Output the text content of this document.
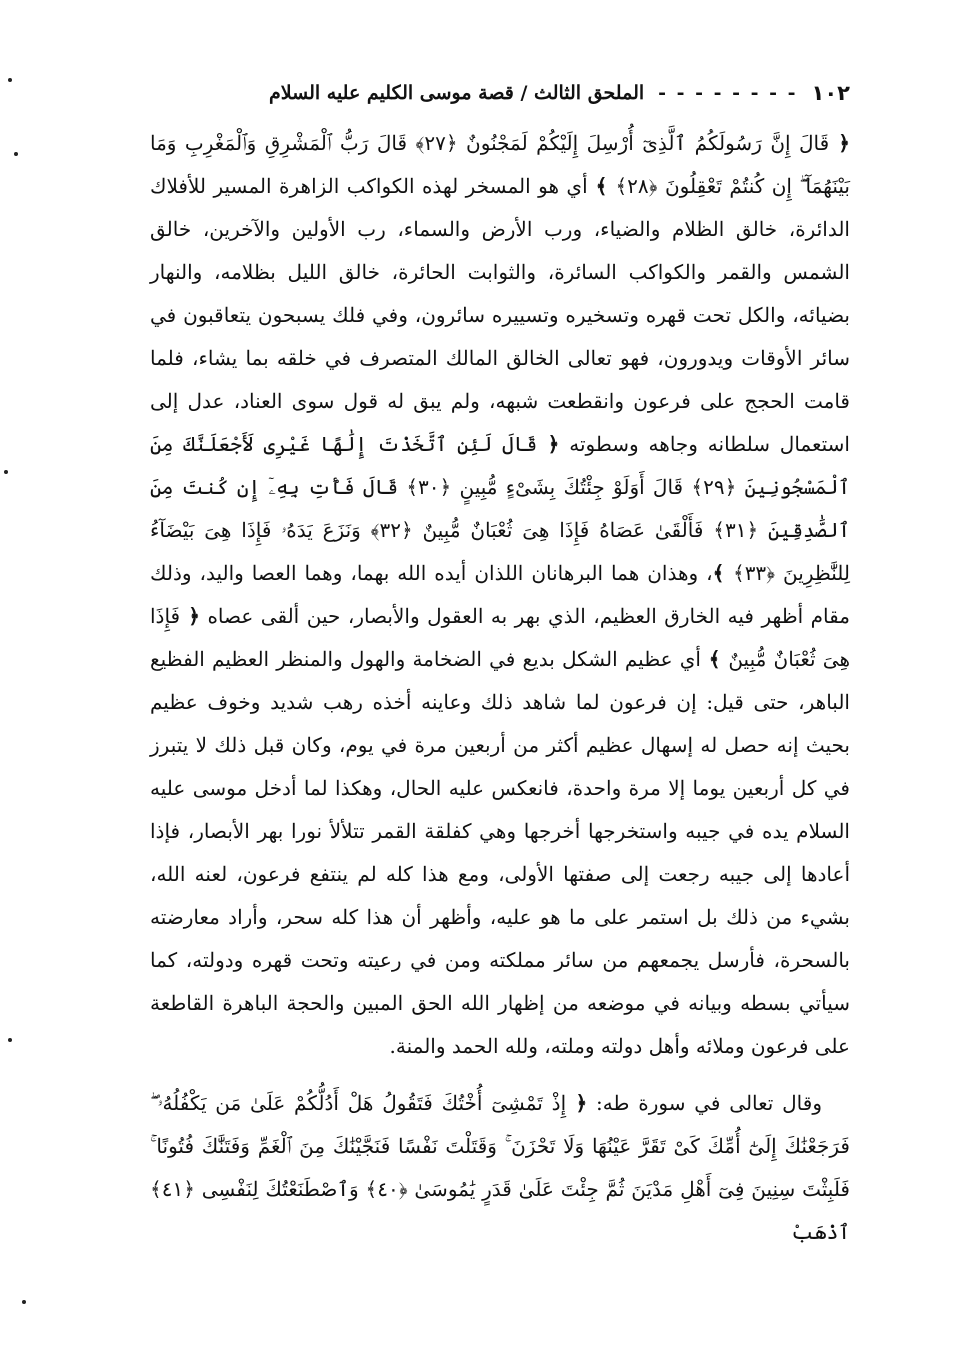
١٠٢
- - - - - - - -
الملحق الثالث / قصة موسى الكليم عليه السلام

﴿ قَالَ إِنَّ رَسُولَكُمُ ٱلَّذِىٓ أُرْسِلَ إِلَيْكُمْ لَمَجْنُونٌ ﴿٢٧﴾ قَالَ رَبُّ ٱلْمَشْرِقِ وَٱلْمَغْرِبِ وَمَا بَيْنَهُمَآ ۖ إِن كُنتُمْ تَعْقِلُونَ ﴿٢٨﴾ ﴾ أي هو المسخر لهذه الكواكب الزاهرة المسير للأفلاك الدائرة، خالق الظلام والضياء، ورب الأرض والسماء، رب الأولين والآخرين، خالق الشمس والقمر والكواكب السائرة، والثوابت الحائرة، خالق الليل بظلامه، والنهار بضيائه، والكل تحت قهره وتسخيره وتسييره سائرون، وفي فلك يسبحون يتعاقبون في سائر الأوقات ويدورون، فهو تعالى الخالق المالك المتصرف في خلقه بما يشاء، فلما قامت الحجج على فرعون وانقطعت شبهه، ولم يبق له قول سوى العناد، عدل إلى استعمال سلطانه وجاهه وسطوته ﴿ قَالَ لَئِنِ ٱتَّخَذْتَ إِلَٰهًا غَيْرِى لَأَجْعَلَنَّكَ مِنَ ٱلْمَسْجُونِينَ ﴿٢٩﴾ قَالَ أَوَلَوْ جِئْتُكَ بِشَىْءٍ مُّبِينٍ ﴿٣٠﴾ قَالَ فَأْتِ بِهِۦٓ إِن كُنتَ مِنَ ٱلصَّٰدِقِينَ ﴿٣١﴾ فَأَلْقَىٰ عَصَاهُ فَإِذَا هِىَ ثُعْبَانٌ مُّبِينٌ ﴿٣٢﴾ وَنَزَعَ يَدَهُۥ فَإِذَا هِىَ بَيْضَآءُ لِلنَّٰظِرِينَ ﴿٣٣﴾ ﴾، وهذان هما البرهانان اللذان أيده الله بهما، وهما العصا واليد، وذلك مقام أظهر فيه الخارق العظيم، الذي بهر به العقول والأبصار، حين ألقى عصاه ﴿ فَإِذَا هِىَ ثُعْبَانٌ مُّبِينٌ ﴾ أي عظيم الشكل بديع في الضخامة والهول والمنظر العظيم الفظيع الباهر، حتى قيل: إن فرعون لما شاهد ذلك وعاينه أخذه رهب شديد وخوف عظيم بحيث إنه حصل له إسهال عظيم أكثر من أربعين مرة في يوم، وكان قبل ذلك لا يتبرز في كل أربعين يوما إلا مرة واحدة، فانعكس عليه الحال، وهكذا لما أدخل موسى عليه السلام يده في جيبه واستخرجها أخرجها وهي كفلقة القمر تتلألأ نورا بهر الأبصار، فإذا أعادها إلى جيبه رجعت إلى صفتها الأولى، ومع هذا كله لم ينتفع فرعون، لعنه الله، بشيء من ذلك بل استمر على ما هو عليه، وأظهر أن هذا كله سحر، وأراد معارضته بالسحرة، فأرسل يجمعهم من سائر مملكته ومن في رعيته وتحت قهره ودولته، كما سيأتي بسطه وبيانه في موضعه من إظهار الله الحق المبين والحجة الباهرة القاطعة على فرعون وملائه وأهل دولته وملته، ولله الحمد والمنة.

وقال تعالى في سورة طه: ﴿ إِذْ تَمْشِىٓ أُخْتُكَ فَتَقُولُ هَلْ أَدُلُّكُمْ عَلَىٰ مَن يَكْفُلُهُۥ ۖ فَرَجَعْنَٰكَ إِلَىٰٓ أُمِّكَ كَىْ تَقَرَّ عَيْنُهَا وَلَا تَحْزَنَ ۚ وَقَتَلْتَ نَفْسًا فَنَجَّيْنَٰكَ مِنَ ٱلْغَمِّ وَفَتَنَّٰكَ فُتُونًا ۚ فَلَبِثْتَ سِنِينَ فِىٓ أَهْلِ مَدْيَنَ ثُمَّ جِئْتَ عَلَىٰ قَدَرٍ يَٰمُوسَىٰ ﴿٤٠﴾ وَٱصْطَنَعْتُكَ لِنَفْسِى ﴿٤١﴾ ٱذْهَبْ
